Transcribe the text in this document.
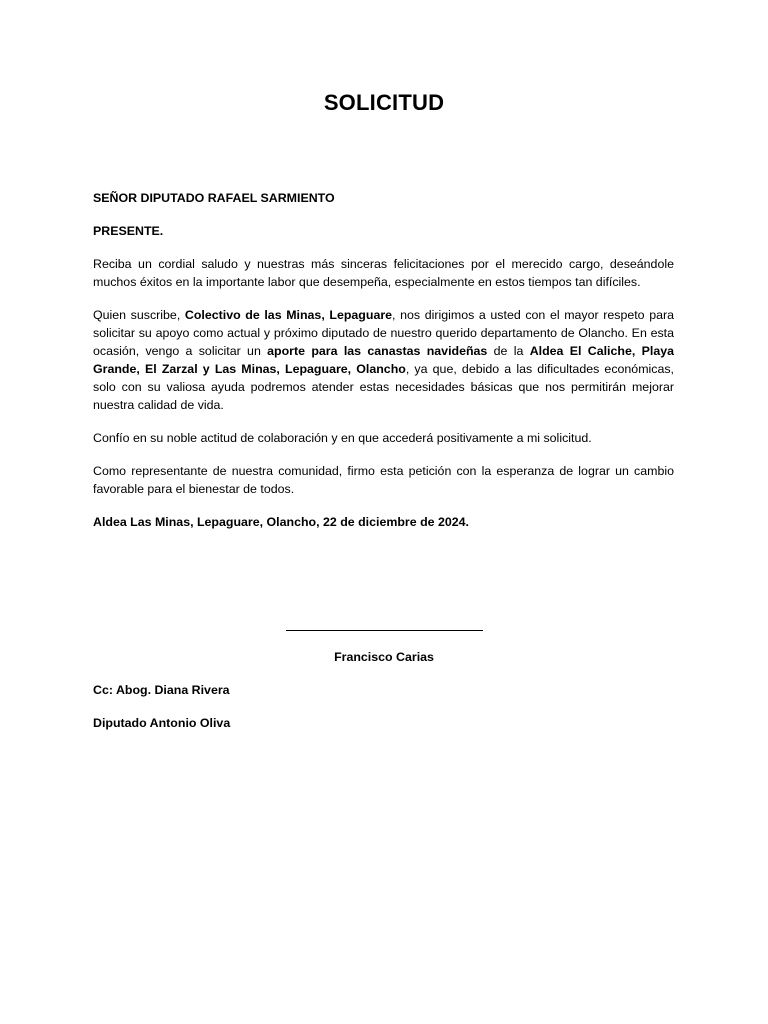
SOLICITUD

SEÑOR DIPUTADO RAFAEL SARMIENTO

PRESENTE.

Reciba un cordial saludo y nuestras más sinceras felicitaciones por el merecido cargo, deseándole muchos éxitos en la importante labor que desempeña, especialmente en estos tiempos tan difíciles.

Quien suscribe, Colectivo de las Minas, Lepaguare, nos dirigimos a usted con el mayor respeto para solicitar su apoyo como actual y próximo diputado de nuestro querido departamento de Olancho. En esta ocasión, vengo a solicitar un aporte para las canastas navideñas de la Aldea El Caliche, Playa Grande, El Zarzal y Las Minas, Lepaguare, Olancho, ya que, debido a las dificultades económicas, solo con su valiosa ayuda podremos atender estas necesidades básicas que nos permitirán mejorar nuestra calidad de vida.

Confío en su noble actitud de colaboración y en que accederá positivamente a mi solicitud.

Como representante de nuestra comunidad, firmo esta petición con la esperanza de lograr un cambio favorable para el bienestar de todos.

Aldea Las Minas, Lepaguare, Olancho, 22 de diciembre de 2024.

Francisco Carias

Cc: Abog. Diana Rivera

Diputado Antonio Oliva
